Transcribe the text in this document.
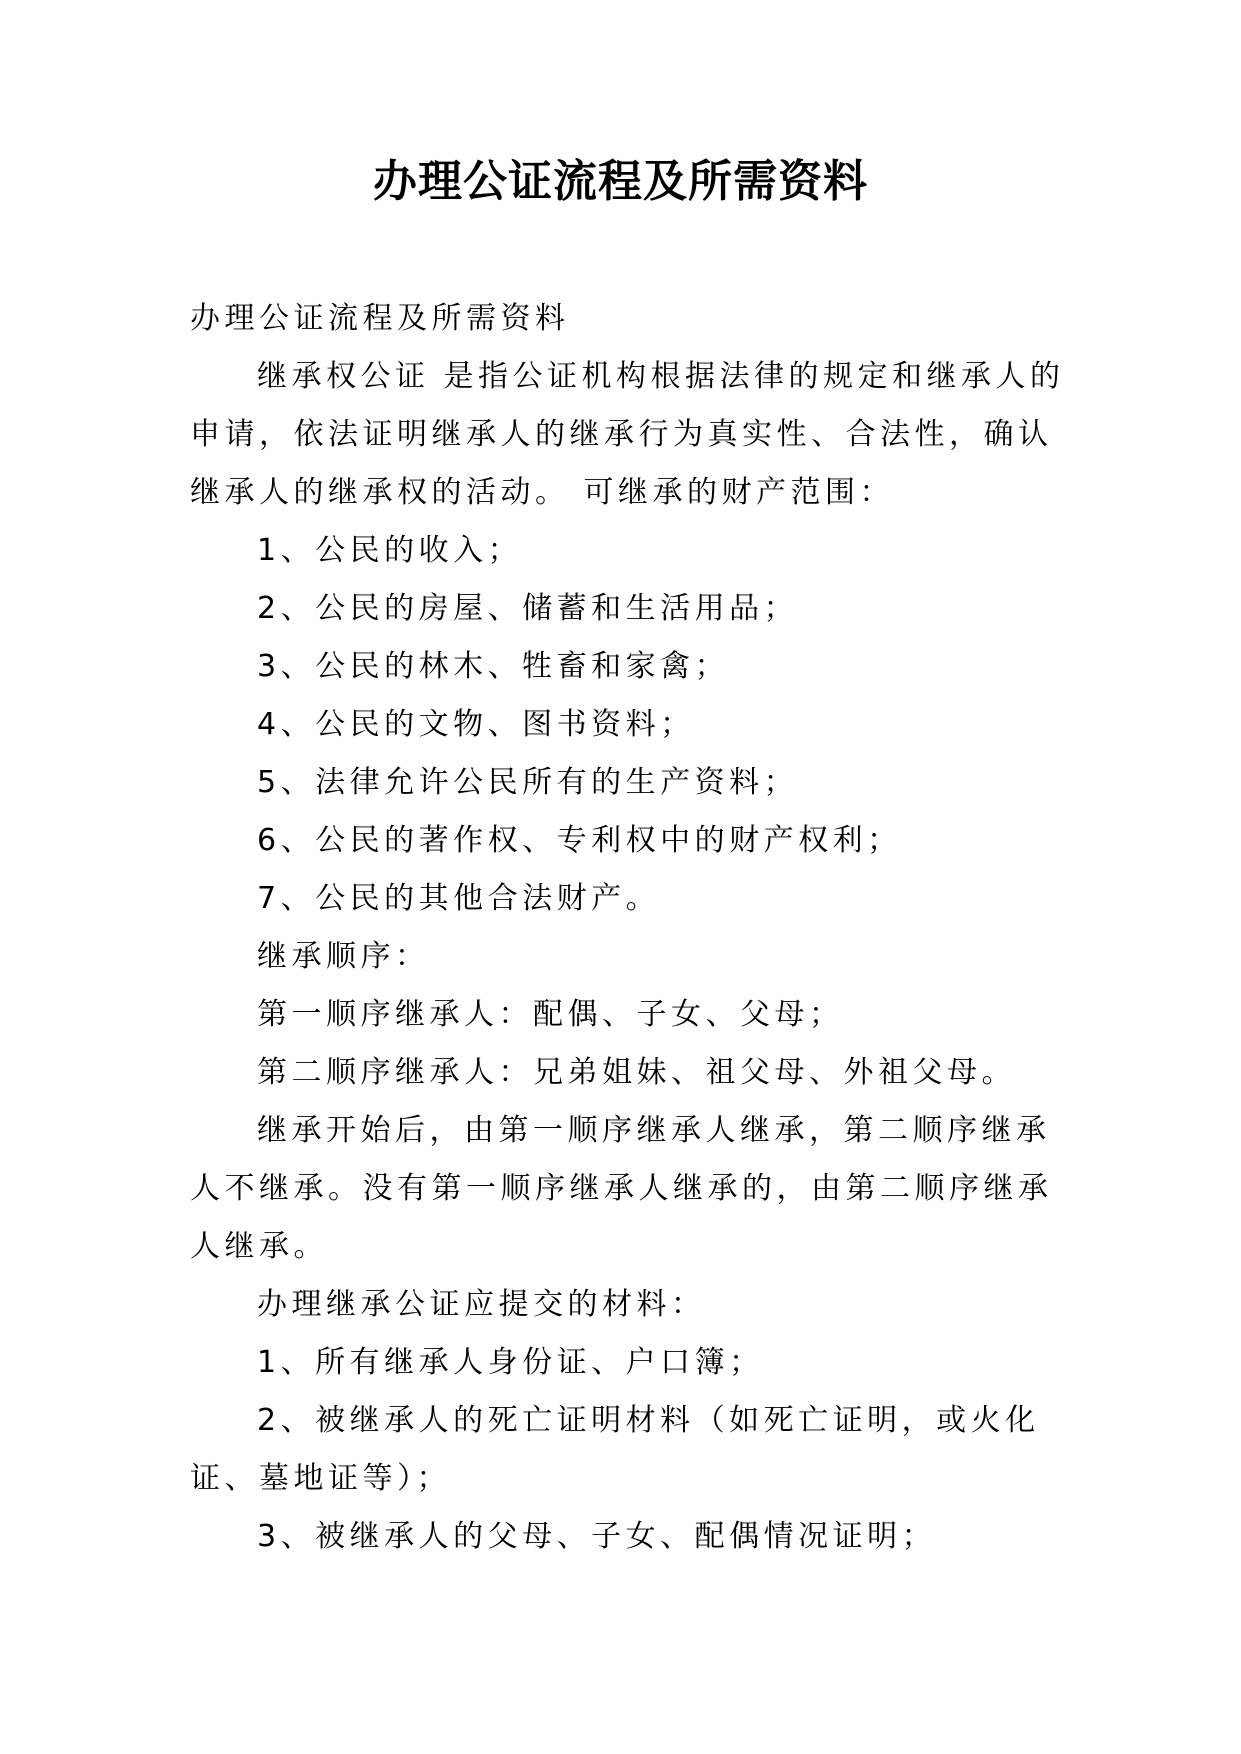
办理公证流程及所需资料

办理公证流程及所需资料

继承权公证 是指公证机构根据法律的规定和继承人的申请，依法证明继承人的继承行为真实性、合法性，确认继承人的继承权的活动。 可继承的财产范围：

1、公民的收入；

2、公民的房屋、储蓄和生活用品；

3、公民的林木、牲畜和家禽；

4、公民的文物、图书资料；

5、法律允许公民所有的生产资料；

6、公民的著作权、专利权中的财产权利；

7、公民的其他合法财产。

继承顺序：

第一顺序继承人：配偶、子女、父母；

第二顺序继承人：兄弟姐妹、祖父母、外祖父母。

继承开始后，由第一顺序继承人继承，第二顺序继承人不继承。没有第一顺序继承人继承的，由第二顺序继承人继承。

办理继承公证应提交的材料：

1、所有继承人身份证、户口簿；

2、被继承人的死亡证明材料（如死亡证明，或火化证、墓地证等）；

3、被继承人的父母、子女、配偶情况证明；
